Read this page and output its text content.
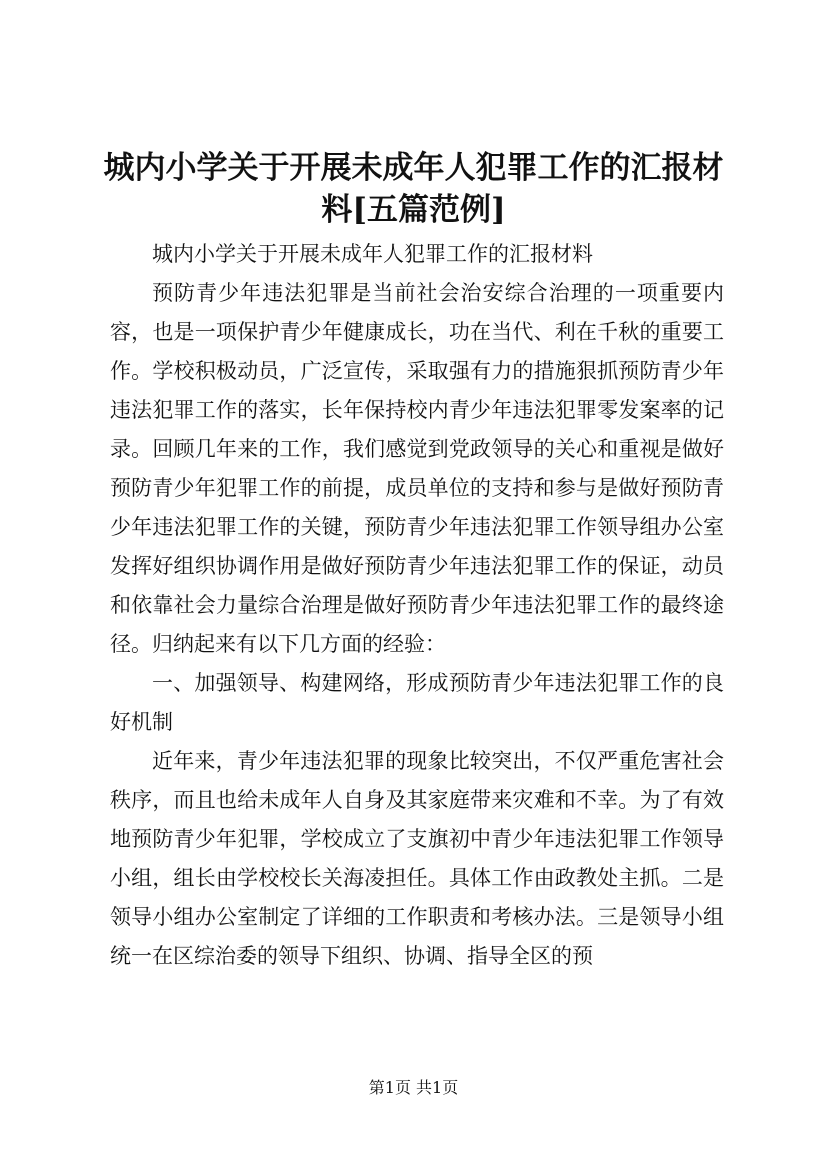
城内小学关于开展未成年人犯罪工作的汇报材料[五篇范例]

城内小学关于开展未成年人犯罪工作的汇报材料

预防青少年违法犯罪是当前社会治安综合治理的一项重要内容，也是一项保护青少年健康成长，功在当代、利在千秋的重要工作。学校积极动员，广泛宣传，采取强有力的措施狠抓预防青少年违法犯罪工作的落实，长年保持校内青少年违法犯罪零发案率的记录。回顾几年来的工作，我们感觉到党政领导的关心和重视是做好预防青少年犯罪工作的前提，成员单位的支持和参与是做好预防青少年违法犯罪工作的关键，预防青少年违法犯罪工作领导组办公室发挥好组织协调作用是做好预防青少年违法犯罪工作的保证，动员和依靠社会力量综合治理是做好预防青少年违法犯罪工作的最终途径。归纳起来有以下几方面的经验：

一、加强领导、构建网络，形成预防青少年违法犯罪工作的良好机制

近年来，青少年违法犯罪的现象比较突出，不仅严重危害社会秩序，而且也给未成年人自身及其家庭带来灾难和不幸。为了有效地预防青少年犯罪，学校成立了支旗初中青少年违法犯罪工作领导小组，组长由学校校长关海凌担任。具体工作由政教处主抓。二是领导小组办公室制定了详细的工作职责和考核办法。三是领导小组统一在区综治委的领导下组织、协调、指导全区的预

第1页 共1页
